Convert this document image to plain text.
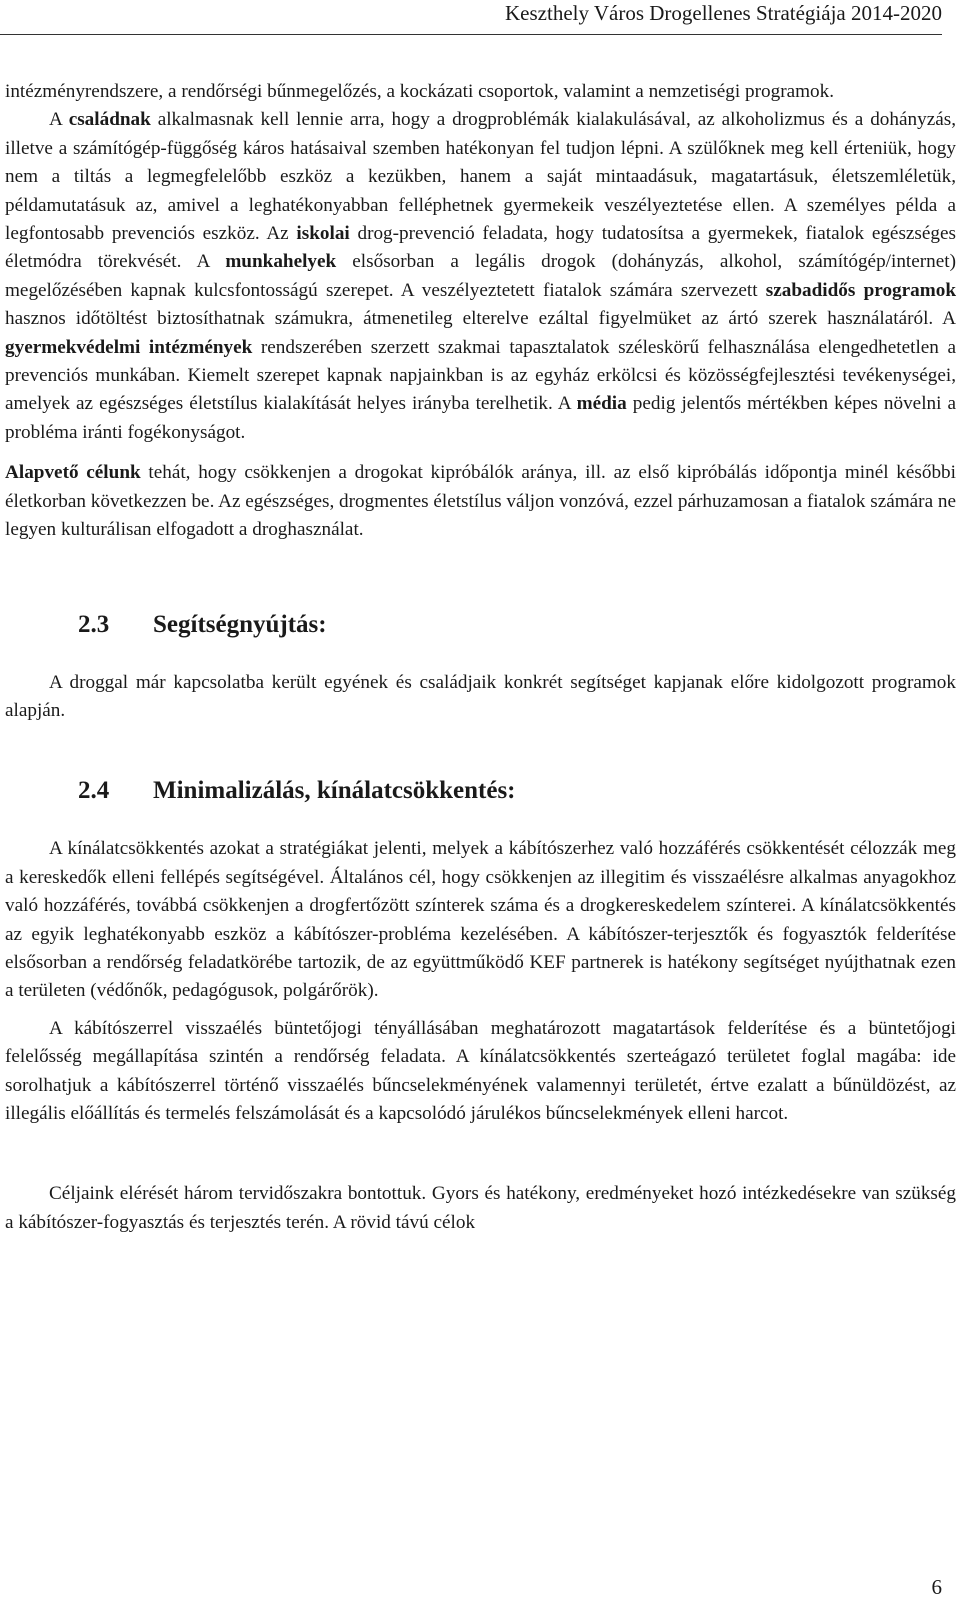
Keszthely Város Drogellenes Stratégiája 2014-2020

intézményrendszere, a rendőrségi bűnmegelőzés, a kockázati csoportok, valamint a nemzetiségi programok.

A családnak alkalmasnak kell lennie arra, hogy a drogproblémák kialakulásával, az alkoholizmus és a dohányzás, illetve a számítógép-függőség káros hatásaival szemben hatékonyan fel tudjon lépni. A szülőknek meg kell érteniük, hogy nem a tiltás a legmegfelelőbb eszköz a kezükben, hanem a saját mintaadásuk, magatartásuk, életszemléletük, példamutatásuk az, amivel a leghatékonyabban felléphetnek gyermekeik veszélyeztetése ellen. A személyes példa a legfontosabb prevenciós eszköz. Az iskolai drog-prevenció feladata, hogy tudatosítsa a gyermekek, fiatalok egészséges életmódra törekvését. A munkahelyek elsősorban a legális drogok (dohányzás, alkohol, számítógép/internet) megelőzésében kapnak kulcsfontosságú szerepet. A veszélyeztetett fiatalok számára szervezett szabadidős programok hasznos időtöltést biztosíthatnak számukra, átmenetileg elterelve ezáltal figyelmüket az ártó szerek használatáról. A gyermekvédelmi intézmények rendszerében szerzett szakmai tapasztalatok széleskörű felhasználása elengedhetetlen a prevenciós munkában. Kiemelt szerepet kapnak napjainkban is az egyház erkölcsi és közösségfejlesztési tevékenységei, amelyek az egészséges életstílus kialakítását helyes irányba terelhetik. A média pedig jelentős mértékben képes növelni a probléma iránti fogékonyságot.

Alapvető célunk tehát, hogy csökkenjen a drogokat kipróbálók aránya, ill. az első kipróbálás időpontja minél későbbi életkorban következzen be. Az egészséges, drogmentes életstílus váljon vonzóvá, ezzel párhuzamosan a fiatalok számára ne legyen kulturálisan elfogadott a droghasználat.

2.3 Segítségnyújtás:

A droggal már kapcsolatba került egyének és családjaik konkrét segítséget kapjanak előre kidolgozott programok alapján.

2.4 Minimalizálás, kínálatcsökkentés:

A kínálatcsökkentés azokat a stratégiákat jelenti, melyek a kábítószerhez való hozzáférés csökkentését célozzák meg a kereskedők elleni fellépés segítségével. Általános cél, hogy csökkenjen az illegitim és visszaélésre alkalmas anyagokhoz való hozzáférés, továbbá csökkenjen a drogfertőzött színterek száma és a drogkereskedelem színterei. A kínálatcsökkentés az egyik leghatékonyabb eszköz a kábítószer-probléma kezelésében. A kábítószer-terjesztők és fogyasztók felderítése elsősorban a rendőrség feladatkörébe tartozik, de az együttműködő KEF partnerek is hatékony segítséget nyújthatnak ezen a területen (védőnők, pedagógusok, polgárőrök).

A kábítószerrel visszaélés büntetőjogi tényállásában meghatározott magatartások felderítése és a büntetőjogi felelősség megállapítása szintén a rendőrség feladata. A kínálatcsökkentés szerteágazó területet foglal magába: ide sorolhatjuk a kábítószerrel történő visszaélés bűncselekményének valamennyi területét, értve ezalatt a bűnüldözést, az illegális előállítás és termelés felszámolását és a kapcsolódó járulékos bűncselekmények elleni harcot.

Céljaink elérését három tervidőszakra bontottuk. Gyors és hatékony, eredményeket hozó intézkedésekre van szükség a kábítószer-fogyasztás és terjesztés terén. A rövid távú célok

6
